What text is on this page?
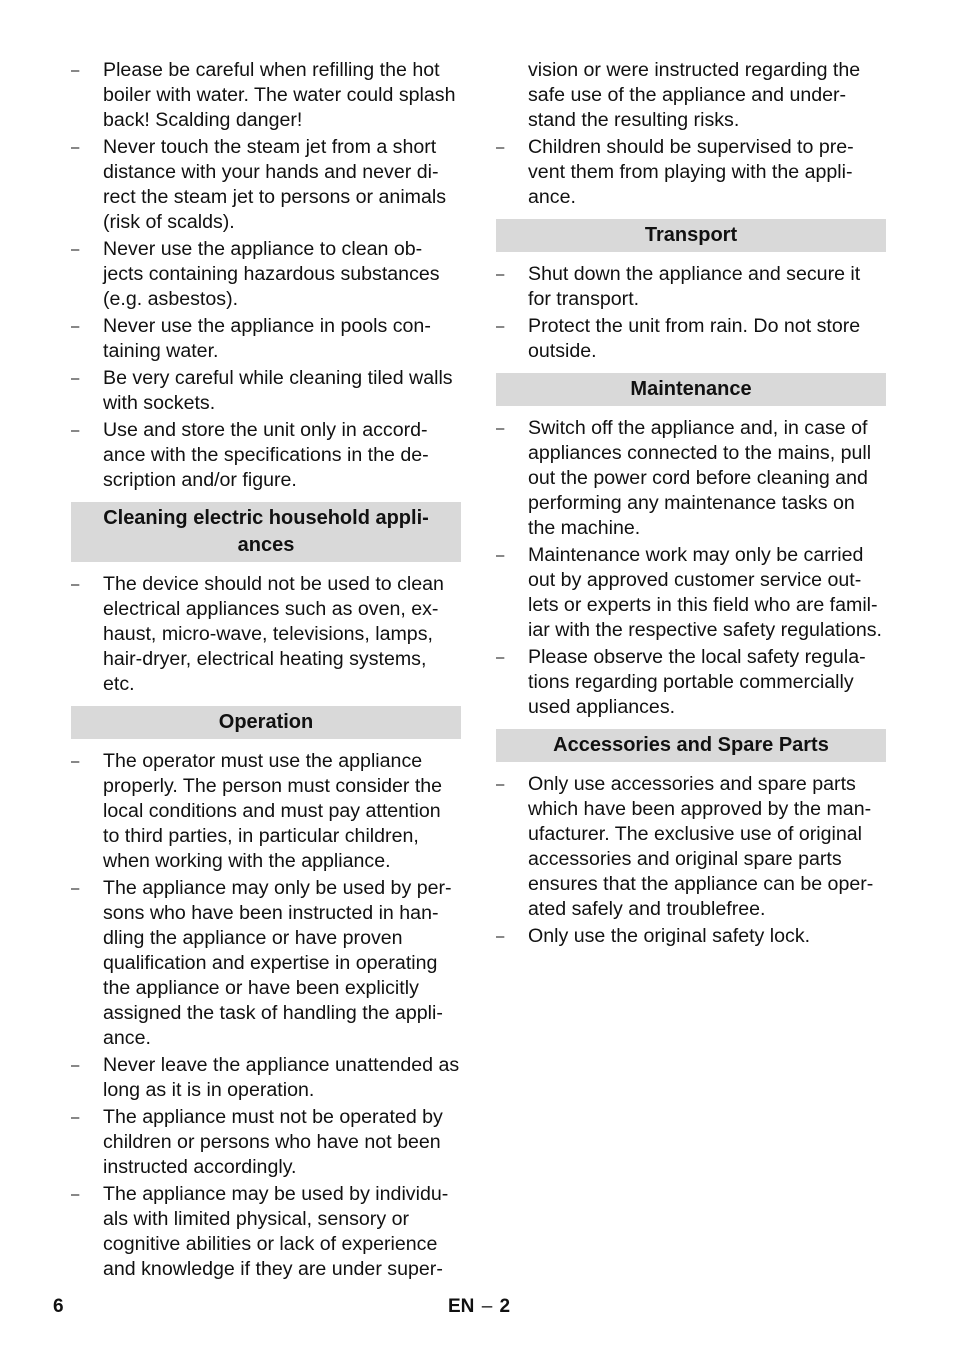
– Please be careful when refilling the hot boiler with water. The water could splash back! Scalding danger!
– Never touch the steam jet from a short distance with your hands and never di-rect the steam jet to persons or animals (risk of scalds).
– Never use the appliance to clean ob-jects containing hazardous substances (e.g. asbestos).
– Never use the appliance in pools con-taining water.
– Be very careful while cleaning tiled walls with sockets.
– Use and store the unit only in accord-ance with the specifications in the de-scription and/or figure.
Cleaning electric household appli-ances
– The device should not be used to clean electrical appliances such as oven, ex-haust, micro-wave, televisions, lamps, hair-dryer, electrical heating systems, etc.
Operation
– The operator must use the appliance properly. The person must consider the local conditions and must pay attention to third parties, in particular children, when working with the appliance.
– The appliance may only be used by per-sons who have been instructed in han-dling the appliance or have proven qualification and expertise in operating the appliance or have been explicitly assigned the task of handling the appli-ance.
– Never leave the appliance unattended as long as it is in operation.
– The appliance must not be operated by children or persons who have not been instructed accordingly.
– The appliance may be used by individu-als with limited physical, sensory or cognitive abilities or lack of experience and knowledge if they are under super-
vision or were instructed regarding the safe use of the appliance and under-stand the resulting risks.
– Children should be supervised to pre-vent them from playing with the appli-ance.
Transport
– Shut down the appliance and secure it for transport.
– Protect the unit from rain. Do not store outside.
Maintenance
– Switch off the appliance and, in case of appliances connected to the mains, pull out the power cord before cleaning and performing any maintenance tasks on the machine.
– Maintenance work may only be carried out by approved customer service out-lets or experts in this field who are famil-iar with the respective safety regulations.
– Please observe the local safety regula-tions regarding portable commercially used appliances.
Accessories and Spare Parts
– Only use accessories and spare parts which have been approved by the man-ufacturer. The exclusive use of original accessories and original spare parts ensures that the appliance can be oper-ated safely and troublefree.
– Only use the original safety lock.
6	EN – 2
